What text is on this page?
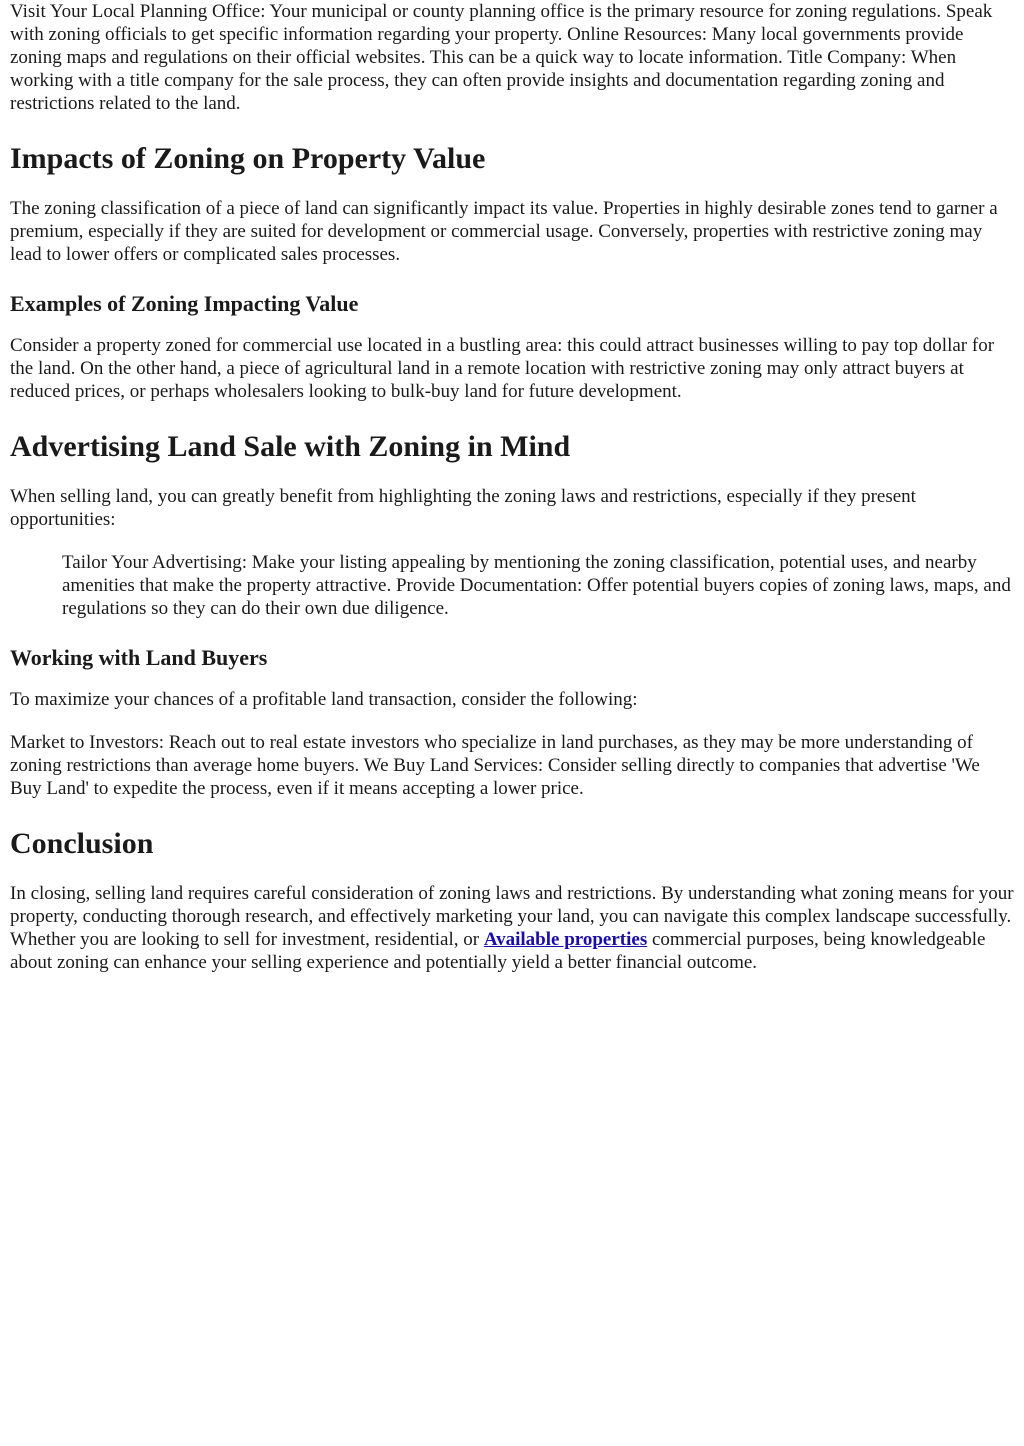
Visit Your Local Planning Office: Your municipal or county planning office is the primary resource for zoning regulations. Speak with zoning officials to get specific information regarding your property. Online Resources: Many local governments provide zoning maps and regulations on their official websites. This can be a quick way to locate information. Title Company: When working with a title company for the sale process, they can often provide insights and documentation regarding zoning and restrictions related to the land.

Impacts of Zoning on Property Value

The zoning classification of a piece of land can significantly impact its value. Properties in highly desirable zones tend to garner a premium, especially if they are suited for development or commercial usage. Conversely, properties with restrictive zoning may lead to lower offers or complicated sales processes.

Examples of Zoning Impacting Value

Consider a property zoned for commercial use located in a bustling area: this could attract businesses willing to pay top dollar for the land. On the other hand, a piece of agricultural land in a remote location with restrictive zoning may only attract buyers at reduced prices, or perhaps wholesalers looking to bulk-buy land for future development.

Advertising Land Sale with Zoning in Mind

When selling land, you can greatly benefit from highlighting the zoning laws and restrictions, especially if they present opportunities:

Tailor Your Advertising: Make your listing appealing by mentioning the zoning classification, potential uses, and nearby amenities that make the property attractive. Provide Documentation: Offer potential buyers copies of zoning laws, maps, and regulations so they can do their own due diligence.
Working with Land Buyers

To maximize your chances of a profitable land transaction, consider the following:

Market to Investors: Reach out to real estate investors who specialize in land purchases, as they may be more understanding of zoning restrictions than average home buyers. We Buy Land Services: Consider selling directly to companies that advertise 'We Buy Land' to expedite the process, even if it means accepting a lower price.

Conclusion

In closing, selling land requires careful consideration of zoning laws and restrictions. By understanding what zoning means for your property, conducting thorough research, and effectively marketing your land, you can navigate this complex landscape successfully. Whether you are looking to sell for investment, residential, or Available properties commercial purposes, being knowledgeable about zoning can enhance your selling experience and potentially yield a better financial outcome.
